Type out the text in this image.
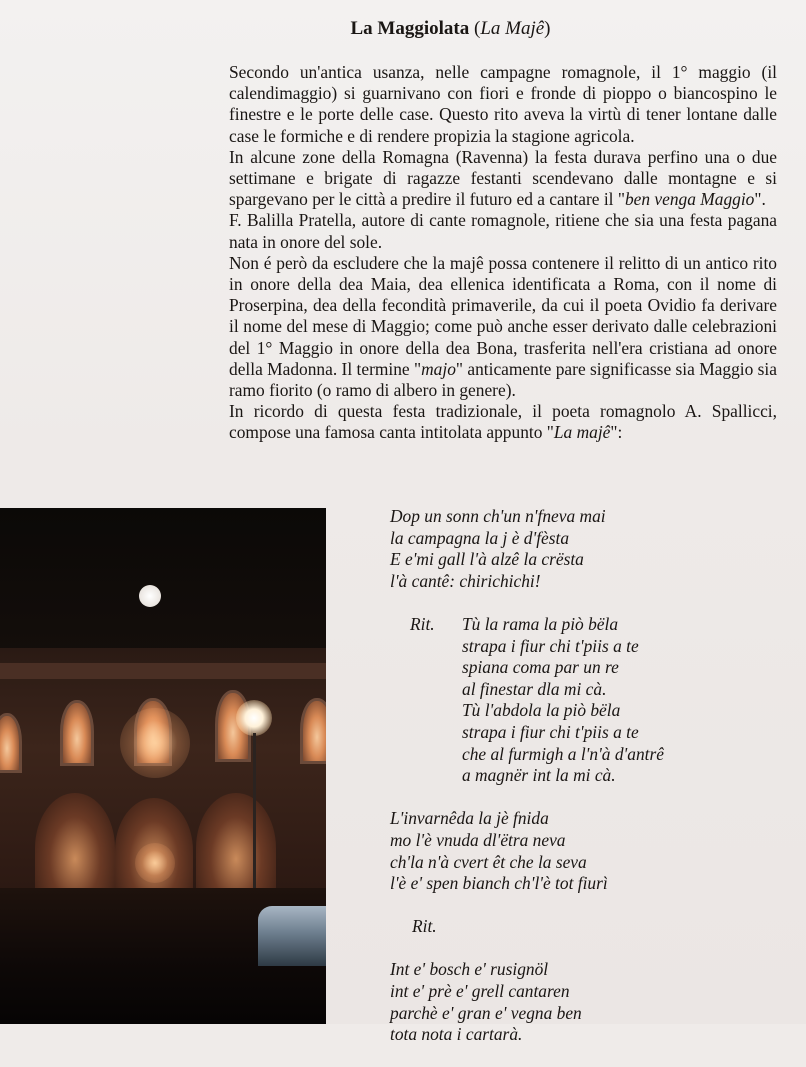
La Maggiolata (La Majê)

Secondo un'antica usanza, nelle campagne romagnole, il 1° maggio (il calendimaggio) si guarnivano con fiori e fronde di pioppo o biancospino le finestre e le porte delle case. Questo rito aveva la virtù di tener lontane dalle case le formiche e di rendere propizia la stagione agricola.

In alcune zone della Romagna (Ravenna) la festa durava perfino una o due settimane e brigate di ragazze festanti scendevano dalle montagne e si spargevano per le città a predire il futuro ed a cantare il "ben venga Maggio".

F. Balilla Pratella, autore di cante romagnole, ritiene che sia una festa pagana nata in onore del sole.

Non é però da escludere che la majê possa contenere il relitto di un antico rito in onore della dea Maia, dea ellenica identificata a Roma, con il nome di Proserpina, dea della fecondità primaverile, da cui il poeta Ovidio fa derivare il nome del mese di Maggio; come può anche esser derivato dalle celebrazioni del 1° Maggio in onore della dea Bona, trasferita nell'era cristiana ad onore della Madonna. Il termine "majo" anticamente pare significasse sia Maggio sia ramo fiorito (o ramo di albero in genere).

In ricordo di questa festa tradizionale, il poeta romagnolo A. Spallicci, compose una famosa canta intitolata appunto "La majê":

Dop un sonn ch'un n'fneva mai
la campagna la j è d'fèsta
E e'mi gall l'à alzê la crësta
l'à cantê: chirichichi!
Rit. Tù la rama la piò bëla
strapa i fiur chi t'piis a te
spiana coma par un re
al finestar dla mi cà.
Tù l'abdola la piò bëla
strapa i fiur chi t'piis a te
che al furmigh a l'n'à d'antrê
a magnër int la mi cà.
L'invarnêda la jè fnida
mo l'è vnuda dl'ëtra neva
ch'la n'à cvert êt che la seva
l'è e' spen bianch ch'l'è tot fiurì
Rit.
Int e' bosch e' rusignöl
int e' prè e' grell cantaren
parchè e' gran e' vegna ben
tota nota i cartarà.
